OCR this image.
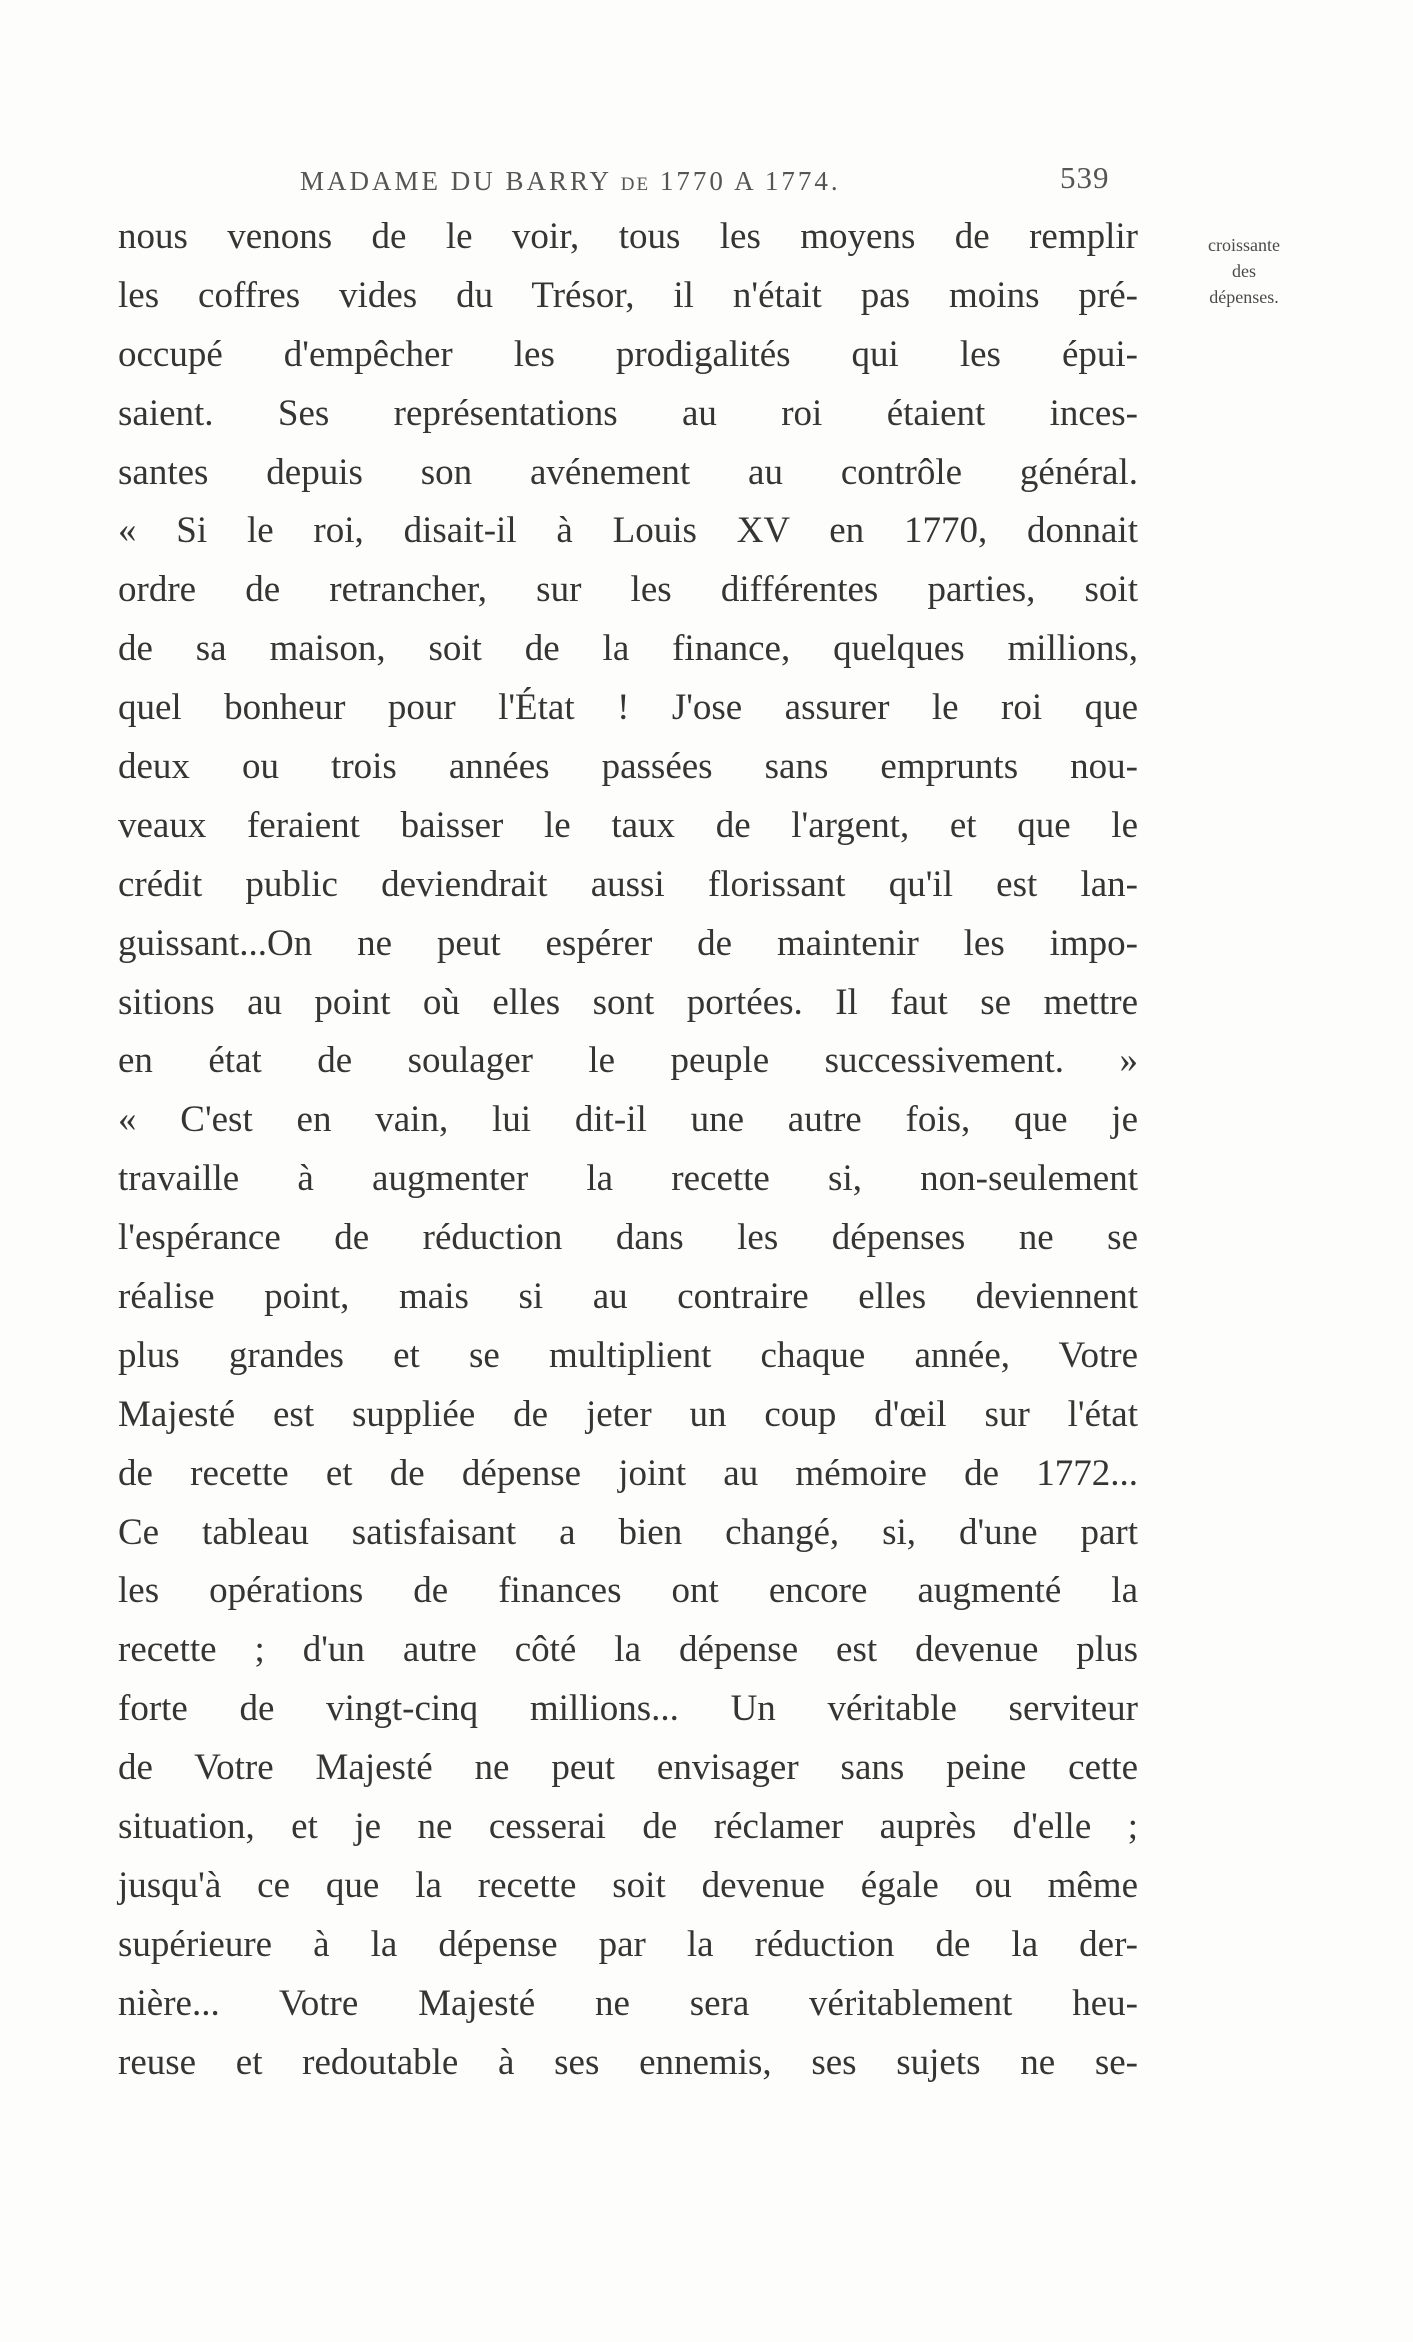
MADAME DU BARRY DE 1770 A 1774.	539
croissante
des
dépenses.
nous venons de le voir, tous les moyens de remplir
les coffres vides du Trésor, il n'était pas moins pré-
occupé d'empêcher les prodigalités qui les épui-
saient. Ses représentations au roi étaient inces-
santes depuis son avénement au contrôle général.
« Si le roi, disait-il à Louis XV en 1770, donnait
ordre de retrancher, sur les différentes parties, soit
de sa maison, soit de la finance, quelques millions,
quel bonheur pour l'État ! J'ose assurer le roi que
deux ou trois années passées sans emprunts nou-
veaux feraient baisser le taux de l'argent, et que le
crédit public deviendrait aussi florissant qu'il est lan-
guissant...On ne peut espérer de maintenir les impo-
sitions au point où elles sont portées. Il faut se mettre
en état de soulager le peuple successivement. »
« C'est en vain, lui dit-il une autre fois, que je
travaille à augmenter la recette si, non-seulement
l'espérance de réduction dans les dépenses ne se
réalise point, mais si au contraire elles deviennent
plus grandes et se multiplient chaque année, Votre
Majesté est suppliée de jeter un coup d'œil sur l'état
de recette et de dépense joint au mémoire de 1772...
Ce tableau satisfaisant a bien changé, si, d'une part
les opérations de finances ont encore augmenté la
recette ; d'un autre côté la dépense est devenue plus
forte de vingt-cinq millions... Un véritable serviteur
de Votre Majesté ne peut envisager sans peine cette
situation, et je ne cesserai de réclamer auprès d'elle ;
jusqu'à ce que la recette soit devenue égale ou même
supérieure à la dépense par la réduction de la der-
nière... Votre Majesté ne sera véritablement heu-
reuse et redoutable à ses ennemis, ses sujets ne se-
